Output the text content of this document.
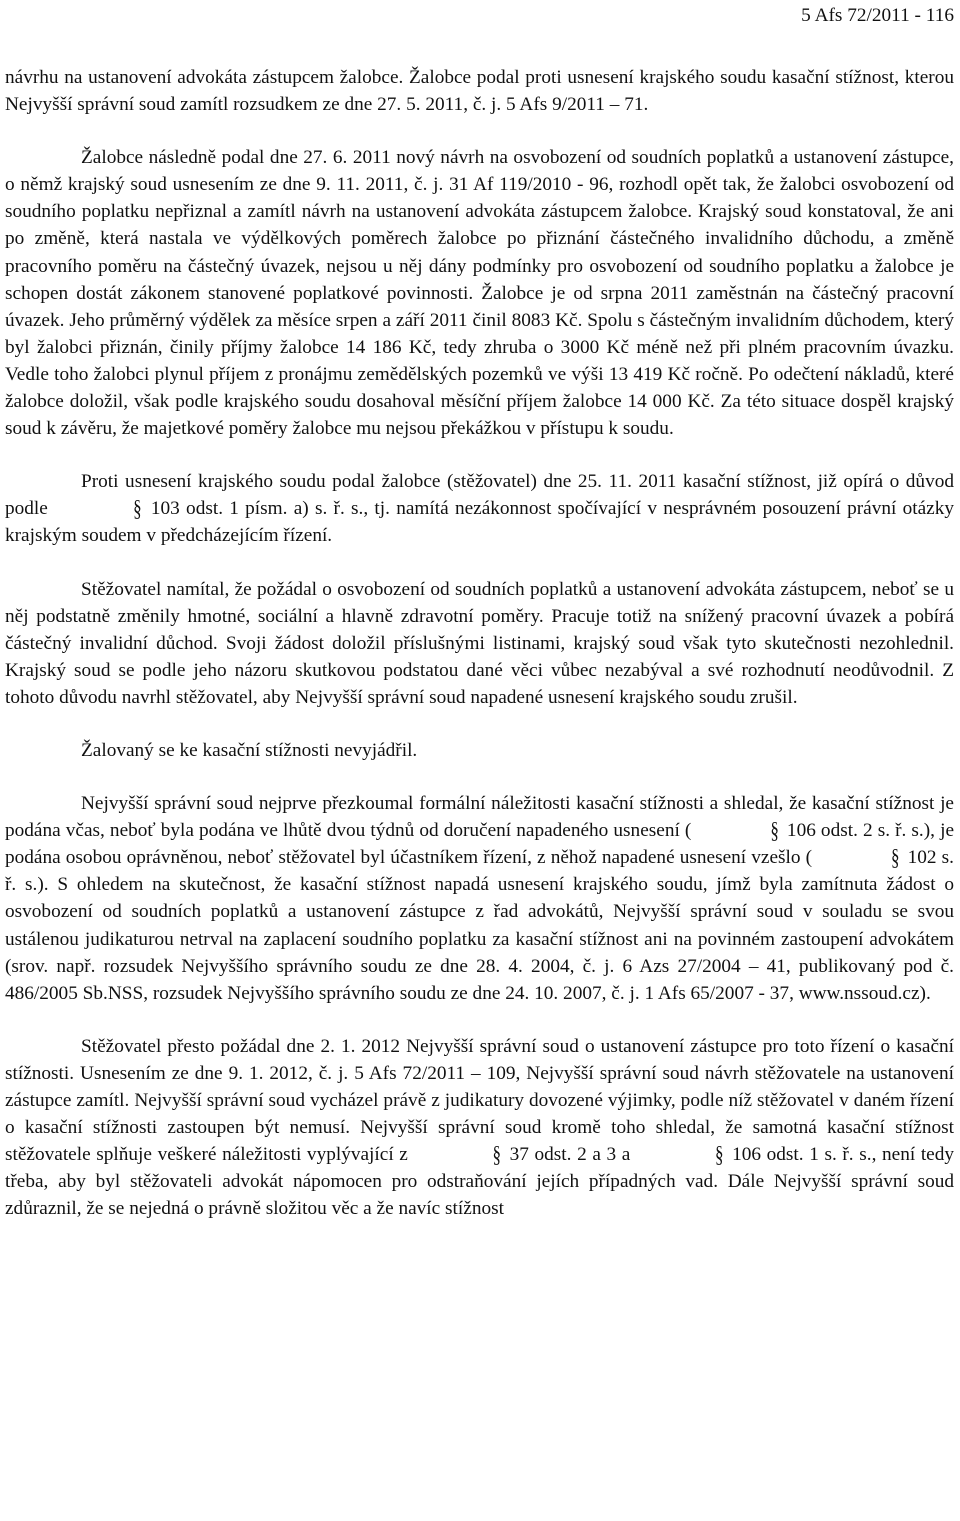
5 Afs 72/2011 - 116

návrhu na ustanovení advokáta zástupcem žalobce. Žalobce podal proti usnesení krajského soudu kasační stížnost, kterou Nejvyšší správní soud zamítl rozsudkem ze dne 27. 5. 2011, č. j. 5 Afs 9/2011 – 71.

Žalobce následně podal dne 27. 6. 2011 nový návrh na osvobození od soudních poplatků a ustanovení zástupce, o němž krajský soud usnesením ze dne 9. 11. 2011, č. j. 31 Af 119/2010 - 96, rozhodl opět tak, že žalobci osvobození od soudního poplatku nepřiznal a zamítl návrh na ustanovení advokáta zástupcem žalobce. Krajský soud konstatoval, že ani po změně, která nastala ve výdělkových poměrech žalobce po přiznání částečného invalidního důchodu, a změně pracovního poměru na částečný úvazek, nejsou u něj dány podmínky pro osvobození od soudního poplatku a žalobce je schopen dostát zákonem stanovené poplatkové povinnosti. Žalobce je od srpna 2011 zaměstnán na částečný pracovní úvazek. Jeho průměrný výdělek za měsíce srpen a září 2011 činil 8083 Kč. Spolu s částečným invalidním důchodem, který byl žalobci přiznán, činily příjmy žalobce 14 186 Kč, tedy zhruba o 3000 Kč méně než při plném pracovním úvazku. Vedle toho žalobci plynul příjem z pronájmu zemědělských pozemků ve výši 13 419 Kč ročně. Po odečtení nákladů, které žalobce doložil, však podle krajského soudu dosahoval měsíční příjem žalobce 14 000 Kč. Za této situace dospěl krajský soud k závěru, že majetkové poměry žalobce mu nejsou překážkou v přístupu k soudu.

Proti usnesení krajského soudu podal žalobce (stěžovatel) dne 25. 11. 2011 kasační stížnost, již opírá o důvod podle	§ 103 odst. 1 písm. a) s. ř. s., tj. namítá nezákonnost spočívající v nesprávném posouzení právní otázky krajským soudem v předcházejícím řízení.

Stěžovatel namítal, že požádal o osvobození od soudních poplatků a ustanovení advokáta zástupcem, neboť se u něj podstatně změnily hmotné, sociální a hlavně zdravotní poměry. Pracuje totiž na snížený pracovní úvazek a pobírá částečný invalidní důchod. Svoji žádost doložil příslušnými listinami, krajský soud však tyto skutečnosti nezohlednil. Krajský soud se podle jeho názoru skutkovou podstatou dané věci vůbec nezabýval a své rozhodnutí neodůvodnil. Z tohoto důvodu navrhl stěžovatel, aby Nejvyšší správní soud napadené usnesení krajského soudu zrušil.

Žalovaný se ke kasační stížnosti nevyjádřil.

Nejvyšší správní soud nejprve přezkoumal formální náležitosti kasační stížnosti a shledal, že kasační stížnost je podána včas, neboť byla podána ve lhůtě dvou týdnů od doručení napadeného usnesení (	§ 106 odst. 2 s. ř. s.), je podána osobou oprávněnou, neboť stěžovatel byl účastníkem řízení, z něhož napadené usnesení vzešlo (	§ 102 s. ř. s.). S ohledem na skutečnost, že kasační stížnost napadá usnesení krajského soudu, jímž byla zamítnuta žádost o osvobození od soudních poplatků a ustanovení zástupce z řad advokátů, Nejvyšší správní soud v souladu se svou ustálenou judikaturou netrval na zaplacení soudního poplatku za kasační stížnost ani na povinném zastoupení advokátem (srov. např. rozsudek Nejvyššího správního soudu ze dne 28. 4. 2004, č. j. 6 Azs 27/2004 – 41, publikovaný pod č. 486/2005 Sb.NSS, rozsudek Nejvyššího správního soudu ze dne 24. 10. 2007, č. j. 1 Afs 65/2007 - 37, www.nssoud.cz).

Stěžovatel přesto požádal dne 2. 1. 2012 Nejvyšší správní soud o ustanovení zástupce pro toto řízení o kasační stížnosti. Usnesením ze dne 9. 1. 2012, č. j. 5 Afs 72/2011 – 109, Nejvyšší správní soud návrh stěžovatele na ustanovení zástupce zamítl. Nejvyšší správní soud vycházel právě z judikatury dovozené výjimky, podle níž stěžovatel v daném řízení o kasační stížnosti zastoupen být nemusí. Nejvyšší správní soud kromě toho shledal, že samotná kasační stížnost stěžovatele splňuje veškeré náležitosti vyplývající z	§ 37 odst. 2 a 3 a	§ 106 odst. 1 s. ř. s., není tedy třeba, aby byl stěžovateli advokát nápomocen pro odstraňování jejích případných vad. Dále Nejvyšší správní soud zdůraznil, že se nejedná o právně složitou věc a že navíc stížnost
